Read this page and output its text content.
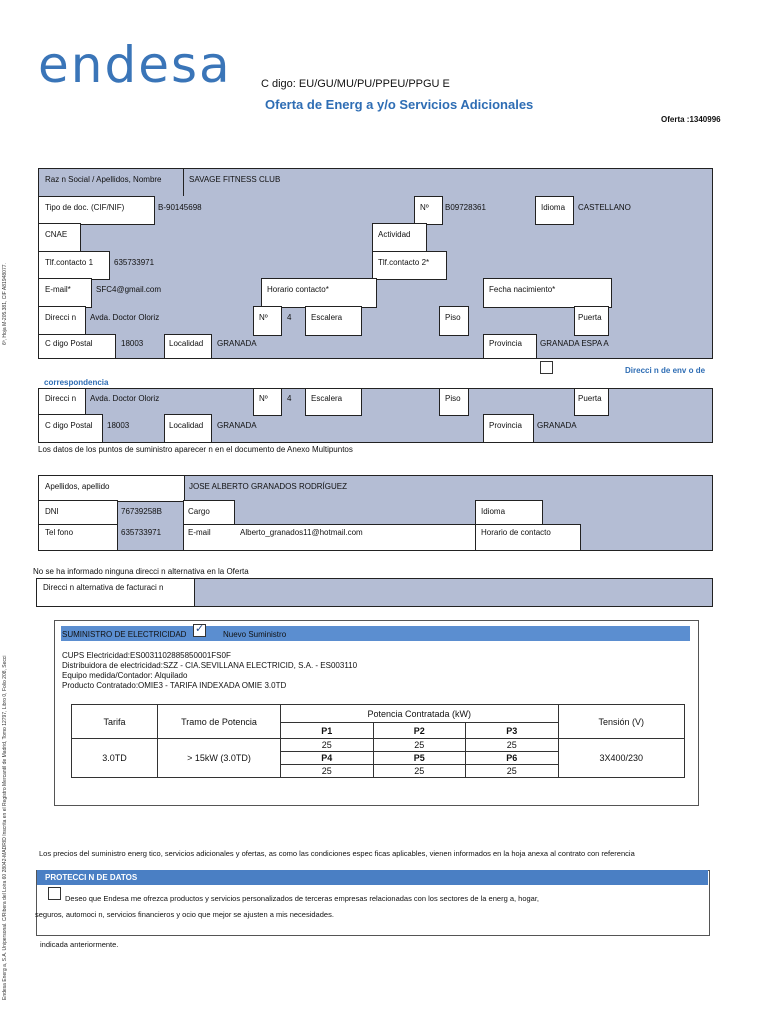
Endesa Energ a, S.A. Unipersonal. C/Ribera del Loira 60 28042-MADRID Inscrita en el Registro Mercantil de Madrid, Tomo 12797, Libro 0, Folio 208, Secci
6ª, Hoja M-205.381, CIF A81948077.
endesa	C digo: EU/GU/MU/PU/PPEU/PPGU E
Oferta de Energ a y/o Servicios Adicionales
Oferta :1340996
Raz n Social / Apellidos, Nombre	SAVAGE FITNESS CLUB
Tipo de doc. (CIF/NIF)	B-90145698	Nº B09728361	Idioma CASTELLANO
CNAE	Actividad
Tlf.contacto 1	635733971	Tlf.contacto 2*
E-mail*	SFC4@gmail.com	Horario contacto*	Fecha nacimiento*
Direcci n Avda. Doctor Oloriz	Nº 4 Escalera	Piso	Puerta
C digo Postal	18003	Localidad GRANADA	Provincia GRANADA ESPA A
Direcci n de env o de
correspondencia
Direcci n Avda. Doctor Oloriz	Nº 4 Escalera	Piso	Puerta
C digo Postal 18003	Localidad GRANADA	Provincia GRANADA
Los datos de los puntos de suministro aparecer n en el documento de Anexo Multipuntos
Apellidos, apellido	JOSE ALBERTO GRANADOS RODRÍGUEZ
DNI	76739258B	Cargo	Idioma
Tel fono	635733971	E-mail	Alberto_granados11@hotmail.com	Horario de contacto
No se ha informado ninguna direcci n alternativa en la Oferta
Direcci n alternativa de facturaci n
SUMINISTRO DE ELECTRICIDAD	Nuevo Suministro
✓
CUPS Electricidad:ES0031102885850001FS0F
Distribuidora de electricidad:SZZ - CIA.SEVILLANA ELECTRICID, S.A. - ES003110
Equipo medida/Contador: Alquilado
Producto Contratado:OMIE3 - TARIFA INDEXADA OMIE 3.0TD
Tarifa	Tramo de Potencia	Potencia Contratada (kW)			Tensión (V)
		P1	P2	P3	
3.0TD	> 15kW (3.0TD)	25	25	25	3X400/230
		P4	P5	P6	
		25	25	25	
Los precios del suministro energ tico, servicios adicionales y ofertas, as como las condiciones espec ficas aplicables, vienen informados en la hoja anexa al contrato con referencia
PROTECCI N DE DATOS
Deseo que Endesa me ofrezca productos y servicios personalizados de terceras empresas relacionadas con los sectores de la energ a, hogar,
seguros, automoci n, servicios financieros y ocio que mejor se ajusten a mis necesidades.
indicada anteriormente.
